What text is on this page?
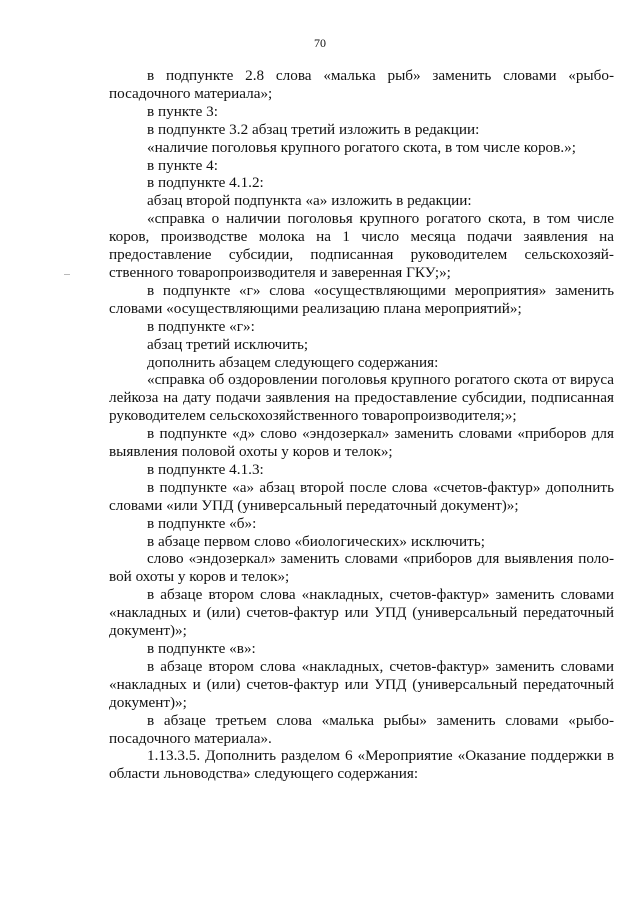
70

в подпункте 2.8 слова «малька рыб» заменить словами «рыбо-посадочного материала»;

в пункте 3:

в подпункте 3.2 абзац третий изложить в редакции:

«наличие поголовья крупного рогатого скота, в том числе коров.»;

в пункте 4:

в подпункте 4.1.2:

абзац второй подпункта «а» изложить в редакции:

«справка о наличии поголовья крупного рогатого скота, в том числе коров, производстве молока на 1 число месяца подачи заявления на предоставление субсидии, подписанная руководителем сельскохозяй-ственного товаропроизводителя и заверенная ГКУ;»;

в подпункте «г» слова «осуществляющими мероприятия» заменить словами «осуществляющими реализацию плана мероприятий»;

в подпункте «г»:

абзац третий исключить;

дополнить абзацем следующего содержания:

«справка об оздоровлении поголовья крупного рогатого скота от вируса лейкоза на дату подачи заявления на предоставление субсидии, подписанная руководителем сельскохозяйственного товаропроизводителя;»;

в подпункте «д» слово «эндозеркал» заменить словами «приборов для выявления половой охоты у коров и телок»;

в подпункте 4.1.3:

в подпункте «а» абзац второй после слова «счетов-фактур» дополнить словами «или УПД (универсальный передаточный документ)»;

в подпункте «б»:

в абзаце первом слово «биологических» исключить;

слово «эндозеркал» заменить словами «приборов для выявления поло-вой охоты у коров и телок»;

в абзаце втором слова «накладных, счетов-фактур» заменить словами «накладных и (или) счетов-фактур или УПД (универсальный передаточный документ)»;

в подпункте «в»:

в абзаце втором слова «накладных, счетов-фактур» заменить словами «накладных и (или) счетов-фактур или УПД (универсальный передаточный документ)»;

в абзаце третьем слова «малька рыбы» заменить словами «рыбо-посадочного материала».

1.13.3.5. Дополнить разделом 6 «Мероприятие «Оказание поддержки в области льноводства» следующего содержания:
